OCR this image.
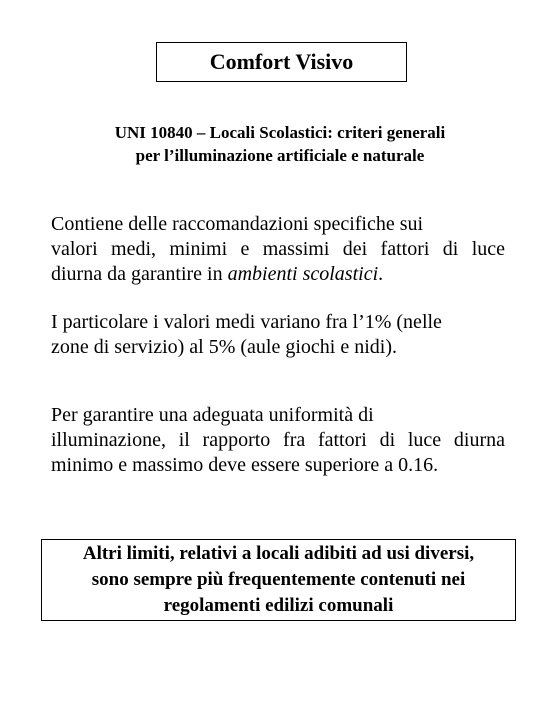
Comfort Visivo
UNI 10840 – Locali Scolastici: criteri generali
per l’illuminazione artificiale e naturale
Contiene delle raccomandazioni specifiche sui
valori medi, minimi e massimi dei fattori di luce
diurna da garantire in ambienti scolastici.
I particolare i valori medi variano fra l’1% (nelle
zone di servizio) al 5% (aule giochi e nidi).
Per garantire una adeguata uniformità di
illuminazione, il rapporto fra fattori di luce diurna
minimo e massimo deve essere superiore a 0.16.
Altri limiti, relativi a locali adibiti ad usi diversi,
sono sempre più frequentemente contenuti nei
regolamenti edilizi comunali
